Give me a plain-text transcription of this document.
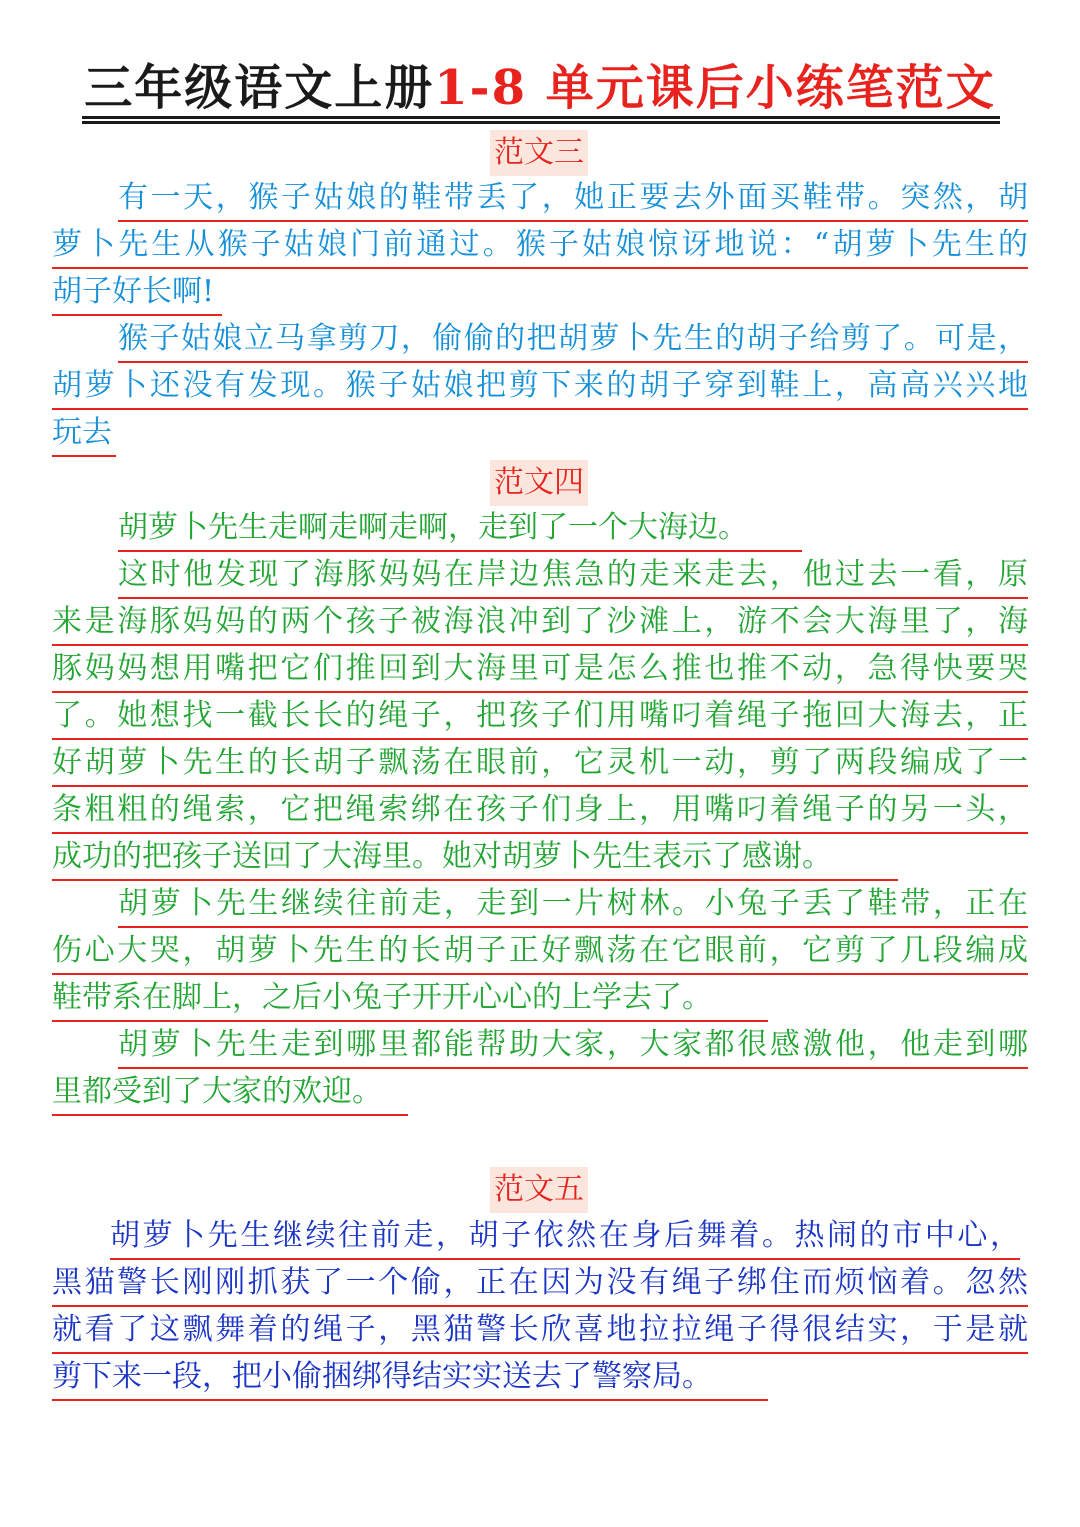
三年级语文上册1-8 单元课后小练笔范文
范文三
有一天，猴子姑娘的鞋带丢了，她正要去外面买鞋带。突然，胡
萝卜先生从猴子姑娘门前通过。猴子姑娘惊讶地说：“胡萝卜先生的
胡子好长啊!
猴子姑娘立马拿剪刀，偷偷的把胡萝卜先生的胡子给剪了。可是，
胡萝卜还没有发现。猴子姑娘把剪下来的胡子穿到鞋上，高高兴兴地
玩去
范文四
胡萝卜先生走啊走啊走啊，走到了一个大海边。
这时他发现了海豚妈妈在岸边焦急的走来走去，他过去一看，原
来是海豚妈妈的两个孩子被海浪冲到了沙滩上，游不会大海里了，海
豚妈妈想用嘴把它们推回到大海里可是怎么推也推不动，急得快要哭
了。她想找一截长长的绳子，把孩子们用嘴叼着绳子拖回大海去，正
好胡萝卜先生的长胡子飘荡在眼前，它灵机一动，剪了两段编成了一
条粗粗的绳索，它把绳索绑在孩子们身上，用嘴叼着绳子的另一头，
成功的把孩子送回了大海里。她对胡萝卜先生表示了感谢。
胡萝卜先生继续往前走，走到一片树林。小兔子丢了鞋带，正在
伤心大哭，胡萝卜先生的长胡子正好飘荡在它眼前，它剪了几段编成
鞋带系在脚上，之后小兔子开开心心的上学去了。
胡萝卜先生走到哪里都能帮助大家，大家都很感激他，他走到哪
里都受到了大家的欢迎。
范文五
胡萝卜先生继续往前走，胡子依然在身后舞着。热闹的市中心，
黑猫警长刚刚抓获了一个偷，正在因为没有绳子绑住而烦恼着。忽然
就看了这飘舞着的绳子，黑猫警长欣喜地拉拉绳子得很结实，于是就
剪下来一段，把小偷捆绑得结实实送去了警察局。
